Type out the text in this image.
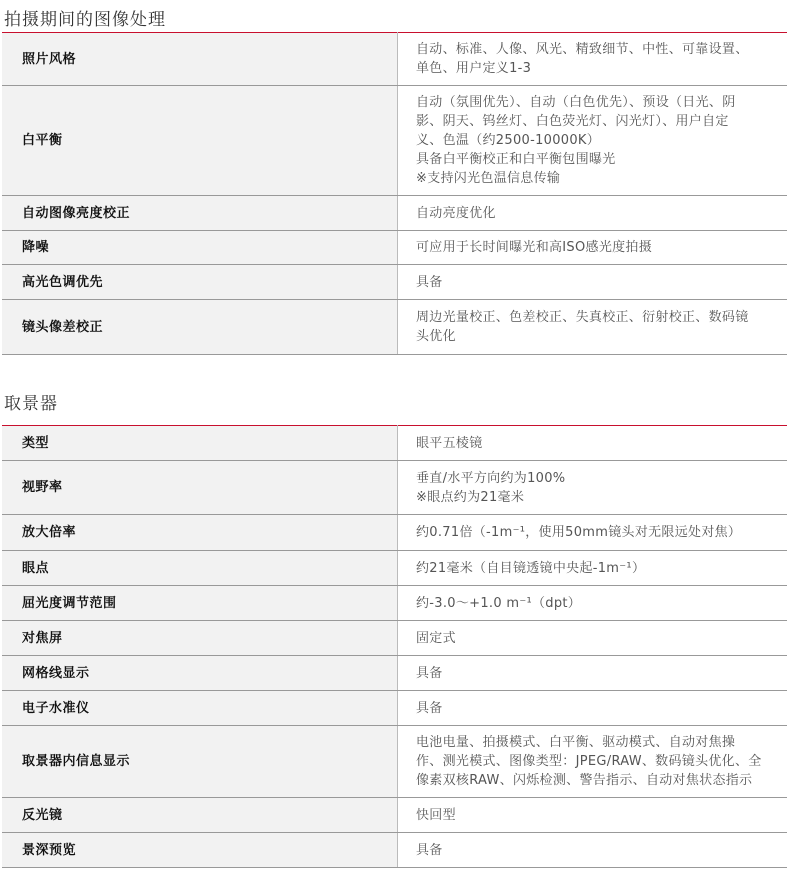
拍摄期间的图像处理
照片风格	自动、标准、人像、风光、精致细节、中性、可靠设置、
单色、用户定义1-3

白平衡	自动（氛围优先）、自动（白色优先）、预设（日光、阴
影、阴天、钨丝灯、白色荧光灯、闪光灯）、用户自定
义、色温（约2500-10000K）
具备白平衡校正和白平衡包围曝光
※支持闪光色温信息传输

自动图像亮度校正	自动亮度优化

降噪	可应用于长时间曝光和高ISO感光度拍摄

高光色调优先	具备

镜头像差校正	周边光量校正、色差校正、失真校正、衍射校正、数码镜
头优化
取景器
类型	眼平五棱镜

视野率	垂直/水平方向约为100%
※眼点约为21毫米

放大倍率	约0.71倍（-1m⁻¹，使用50mm镜头对无限远处对焦）

眼点	约21毫米（自目镜透镜中央起-1m⁻¹）

屈光度调节范围	约-3.0～+1.0 m⁻¹（dpt）

对焦屏	固定式

网格线显示	具备

电子水准仪	具备

取景器内信息显示	电池电量、拍摄模式、白平衡、驱动模式、自动对焦操
作、测光模式、图像类型：JPEG/RAW、数码镜头优化、全
像素双核RAW、闪烁检测、警告指示、自动对焦状态指示

反光镜	快回型

景深预览	具备
